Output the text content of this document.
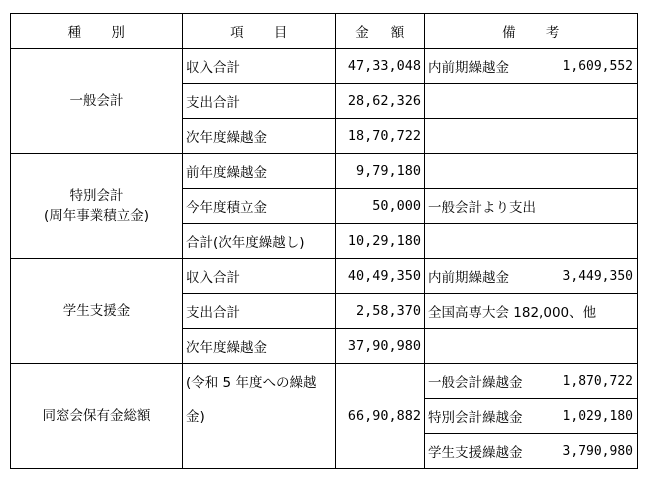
種 別	項 目	金 額	備 考
一般会計	収入合計	47,33,048	内前期繰越金 1,609,552

	支出合計	28,62,326	
	次年度繰越金	18,70,722	

特別会計
(周年事業積立金)	前年度繰越金	9,79,180	
	今年度積立金	50,000	一般会計より支出
	合計(次年度繰越し)	10,29,180	
学生支援金	収入合計	40,49,350	内前期繰越金 3,449,350

	支出合計	2,58,370	全国高専大会 182,000、他
	次年度繰越金	37,90,980	
同窓会保有金総額	(令和 5 年度への繰越金)	66,90,882	一般会計繰越金 1,870,722

			特別会計繰越金 1,029,180

			学生支援繰越金 3,790,980
